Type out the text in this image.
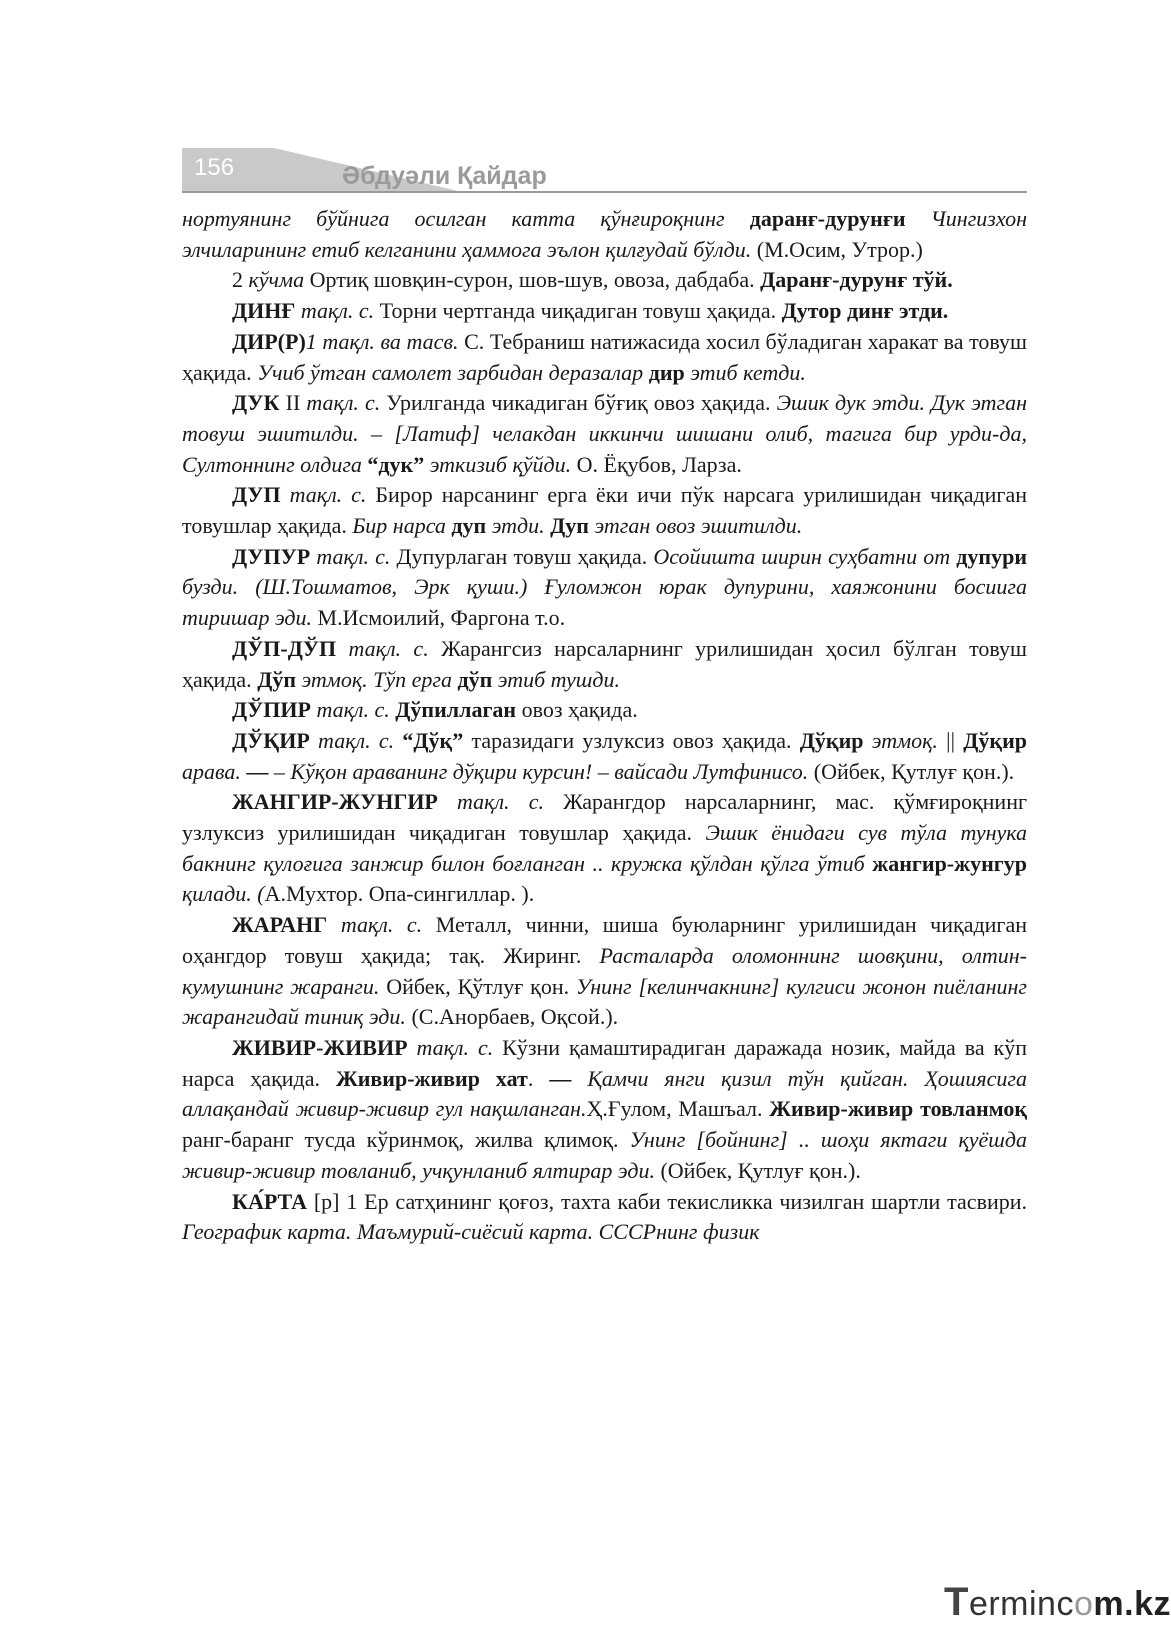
156	Әбдуәли Қайдар

нортуянинг бўйнига осилган катта қўнғироқнинг даранғ-дурунғи Чингизхон элчиларининг етиб келганини ҳаммога эълон қилғудай бўлди. (М.Осим, Утрор.)

2 кўчма Ортиқ шовқин-сурон, шов-шув, овоза, дабдаба. Даранғ-дурунғ тўй.

ДИНҒ тақл. с. Торни чертганда чиқадиган товуш ҳақида. Дутор динғ этди.

ДИР(Р)1 тақл. ва тасв. С. Тебраниш натижасида хосил бўладиган харакат ва товуш ҳақида. Учиб ўтган самолет зарбидан деразалар дир этиб кетди.

ДУК II тақл. с. Урилганда чикадиган бўғиқ овоз ҳақида. Эшик дук этди. Дук этган товуш эшитилди. – [Латиф] челакдан иккинчи шишани олиб, тагига бир урди-да, Султоннинг олдига “дук” эткизиб қўйди. О. Ёқубов, Ларза.

ДУП тақл. с. Бирор нарсанинг ерга ёки ичи пўк нарсага урилишидан чиқадиган товушлар ҳақида. Бир нарса дуп этди. Дуп этган овоз эшитилди.

ДУПУР тақл. с. Дупурлаган товуш ҳақида. Осойишта ширин суҳбатни от дупури бузди. (Ш.Тошматов, Эрк қуши.) Ғуломжон юрак дупурини, хаяжонини босиига тиришар эди. М.Исмоилий, Фаргона т.о.

ДЎП-ДЎП тақл. с. Жарангсиз нарсаларнинг урилишидан ҳосил бўлган товуш ҳақида. Дўп этмоқ. Тўп ерга дўп этиб тушди.

ДЎПИР тақл. с. Дўпиллаган овоз ҳақида.

ДЎҚИР тақл. с. “Дўқ” таразидаги узлуксиз овоз ҳақида. Дўқир этмоқ. || Дўқир арава. — – Кўқон араванинг дўқири курсин! – вайсади Лутфинисо. (Ойбек, Қутлуғ қон.).

ЖАНГИР-ЖУНГИР тақл. с. Жарангдор нарсаларнинг, мас. қўмғироқнинг узлуксиз урилишидан чиқадиган товушлар ҳақида. Эшик ёнидаги сув тўла тунука бакнинг қулоғига занжир билон боғланган .. кружка қўлдан қўлга ўтиб жангир-жунгур қилади. (А.Мухтор. Опа-сингиллар. ).

ЖАРАНГ тақл. с. Металл, чинни, шиша буюларнинг урилишидан чиқадиган оҳангдор товуш ҳақида; тақ. Жиринг. Расталарда оломоннинг шовқини, олтин-кумушнинг жаранги. Ойбек, Қўтлуғ қон. Унинг [келинчакнинг] кулгиси жонон пиёланинг жарангидай тиниқ эди. (С.Анорбаев, Оқсой.).

ЖИВИР-ЖИВИР тақл. с. Кўзни қамаштирадиган даражада нозик, майда ва кўп нарса ҳақида. Живир-живир хат. — Қамчи янги қизил тўн қийган. Ҳошиясига аллақандай живир-живир гул нақшланган.Ҳ.Ғулом, Машъал. Живир-живир товланмоқ ранг-баранг тусда кўринмоқ, жилва қлимоқ. Унинг [бойнинг] .. шоҳи яктаги қуёшда живир-живир товланиб, учқунланиб ялтирар эди. (Ойбек, Қутлуғ қон.).

КА́РТА [р] 1 Ер сатҳининг қоғоз, тахта каби текисликка чизилган шартли тасвири. Географик карта. Маъмурий-сиёсий карта. СССРнинг физик

Termincom.kz
